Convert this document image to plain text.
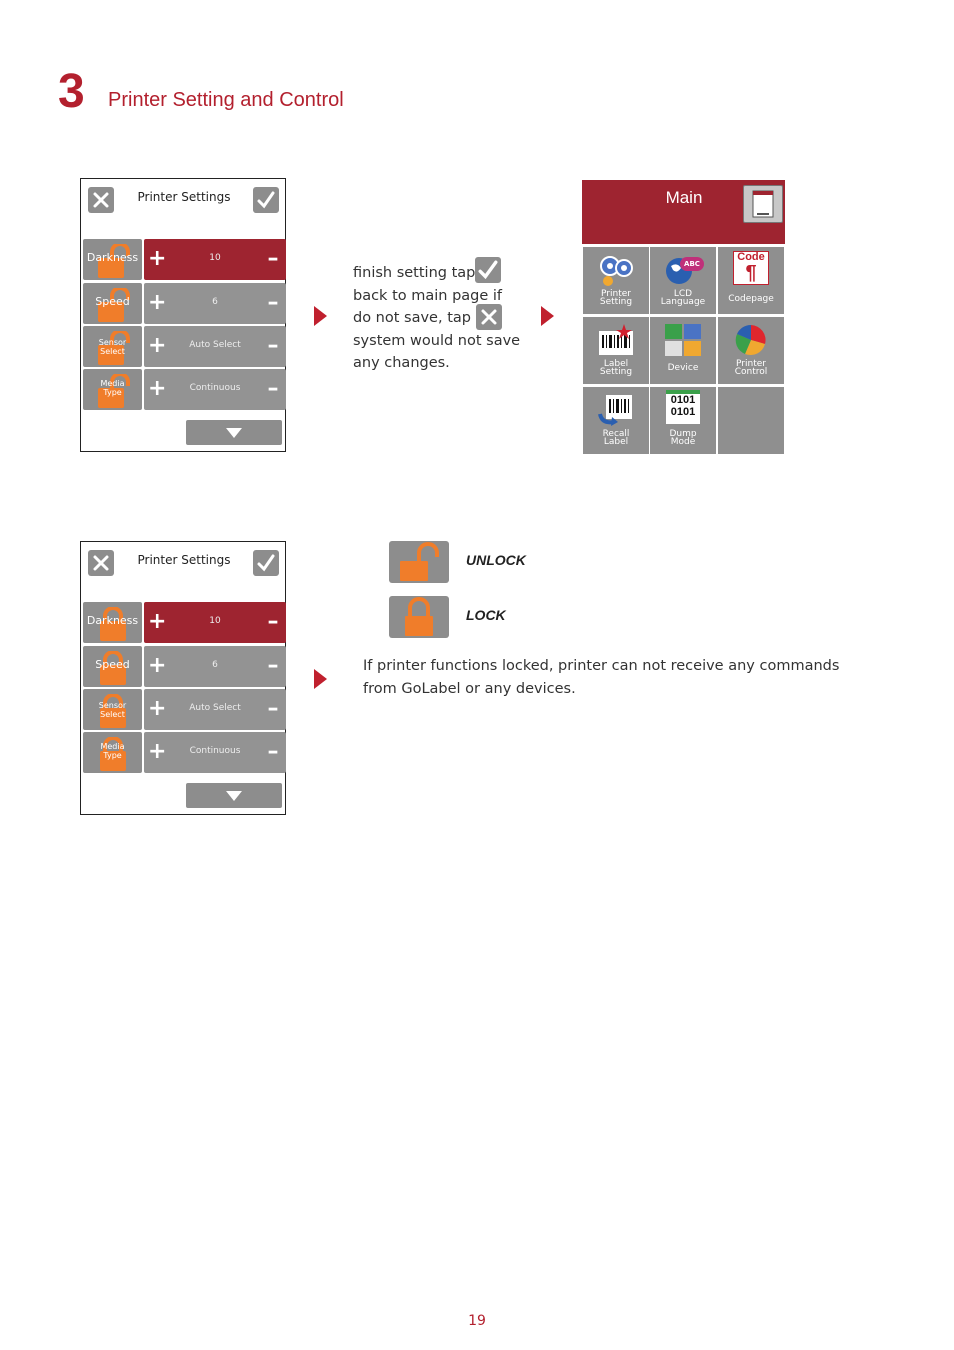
3 Printer Setting and Control
Printer Settings
Darkness +	10	–
Speed +	6	–
Sensor
Select	+	Auto Select	–
Media
Type	+	Continuous	–
finish setting tap
back to main page if
do not save, tap
system would not save
any changes.
Main
Printer
Setting
ABC
LCD
Language
Code
¶
Codepage
Label
Setting	Device	Printer
Control
Recall
Label
0101
0101
Dump
Mode
Printer Settings
Darkness +	10	–
Speed +	6	–
Sensor
Select	+	Auto Select	–
Media
Type	+	Continuous	–
UNLOCK
LOCK
If printer functions locked, printer can not receive any commands
from GoLabel or any devices.
19
